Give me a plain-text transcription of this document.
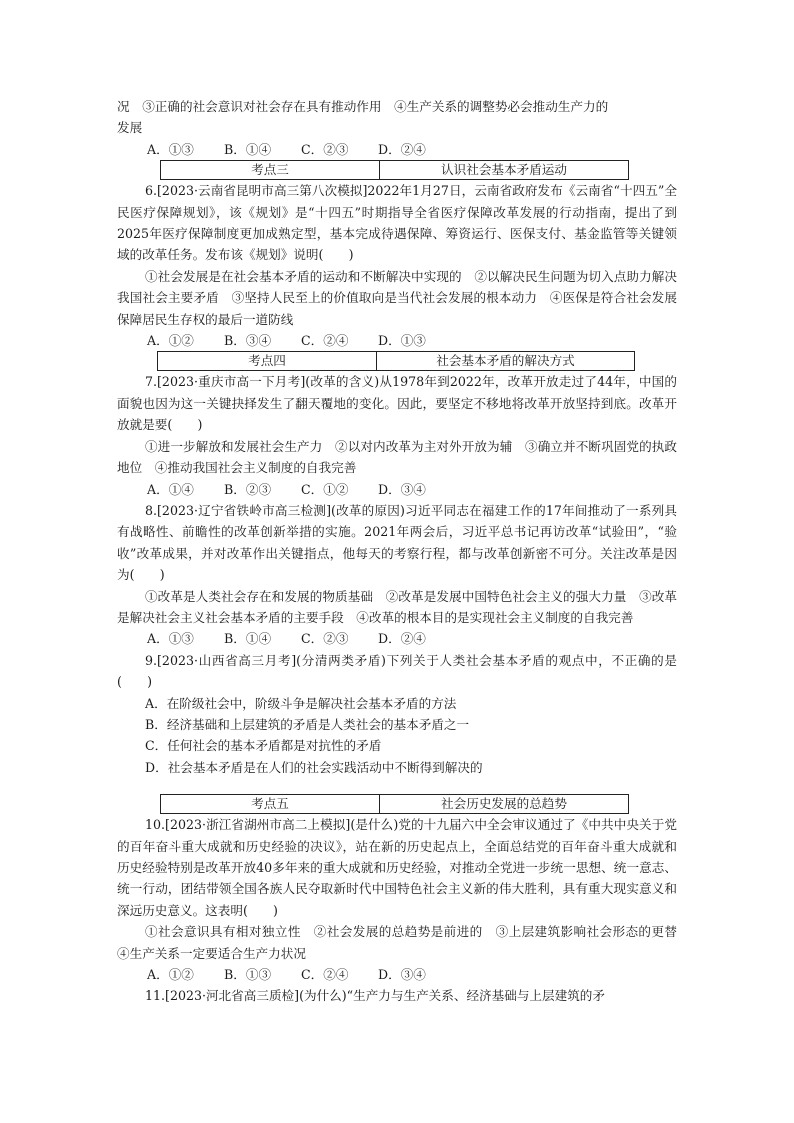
况　③正确的社会意识对社会存在具有推动作用　④生产关系的调整势必会推动生产力的

发展

A．①③ B．①④ C．②③ D．②④
考点三	认识社会基本矛盾运动

6.[2023·云南省昆明市高三第八次模拟]2022年1月27日，云南省政府发布《云南省“十四五”全民医疗保障规划》，该《规划》是“十四五”时期指导全省医疗保障改革发展的行动指南，提出了到2025年医疗保障制度更加成熟定型，基本完成待遇保障、筹资运行、医保支付、基金监管等关键领域的改革任务。发布该《规划》说明(　　)

①社会发展是在社会基本矛盾的运动和不断解决中实现的　②以解决民生问题为切入点助力解决我国社会主要矛盾　③坚持人民至上的价值取向是当代社会发展的根本动力　④医保是符合社会发展保障居民生存权的最后一道防线

A．①② B．③④ C．②④ D．①③
考点四	社会基本矛盾的解决方式

7.[2023·重庆市高一下月考](改革的含义)从1978年到2022年，改革开放走过了44年，中国的面貌也因为这一关键抉择发生了翻天覆地的变化。因此，要坚定不移地将改革开放坚持到底。改革开放就是要(　　)

①进一步解放和发展社会生产力　②以对内改革为主对外开放为辅　③确立并不断巩固党的执政地位　④推动我国社会主义制度的自我完善

A．①④ B．②③ C．①② D．③④

8.[2023·辽宁省铁岭市高三检测](改革的原因)习近平同志在福建工作的17年间推动了一系列具有战略性、前瞻性的改革创新举措的实施。2021年两会后，习近平总书记再访改革“试验田”，“验收”改革成果，并对改革作出关键指点，他每天的考察行程，都与改革创新密不可分。关注改革是因为(　　)

①改革是人类社会存在和发展的物质基础　②改革是发展中国特色社会主义的强大力量　③改革是解决社会主义社会基本矛盾的主要手段　④改革的根本目的是实现社会主义制度的自我完善

A．①③ B．①④ C．②③ D．②④

9.[2023·山西省高三月考](分清两类矛盾)下列关于人类社会基本矛盾的观点中，不正确的是(　　)

A．在阶级社会中，阶级斗争是解决社会基本矛盾的方法

B．经济基础和上层建筑的矛盾是人类社会的基本矛盾之一

C．任何社会的基本矛盾都是对抗性的矛盾

D．社会基本矛盾是在人们的社会实践活动中不断得到解决的

考点五	社会历史发展的总趋势

10.[2023·浙江省湖州市高二上模拟](是什么)党的十九届六中全会审议通过了《中共中央关于党的百年奋斗重大成就和历史经验的决议》，站在新的历史起点上，全面总结党的百年奋斗重大成就和历史经验特别是改革开放40多年来的重大成就和历史经验，对推动全党进一步统一思想、统一意志、统一行动，团结带领全国各族人民夺取新时代中国特色社会主义新的伟大胜利，具有重大现实意义和深远历史意义。这表明(　　)

①社会意识具有相对独立性　②社会发展的总趋势是前进的　③上层建筑影响社会形态的更替　④生产关系一定要适合生产力状况

A．①② B．①③ C．②④ D．③④

11.[2023·河北省高三质检](为什么)“生产力与生产关系、经济基础与上层建筑的矛
